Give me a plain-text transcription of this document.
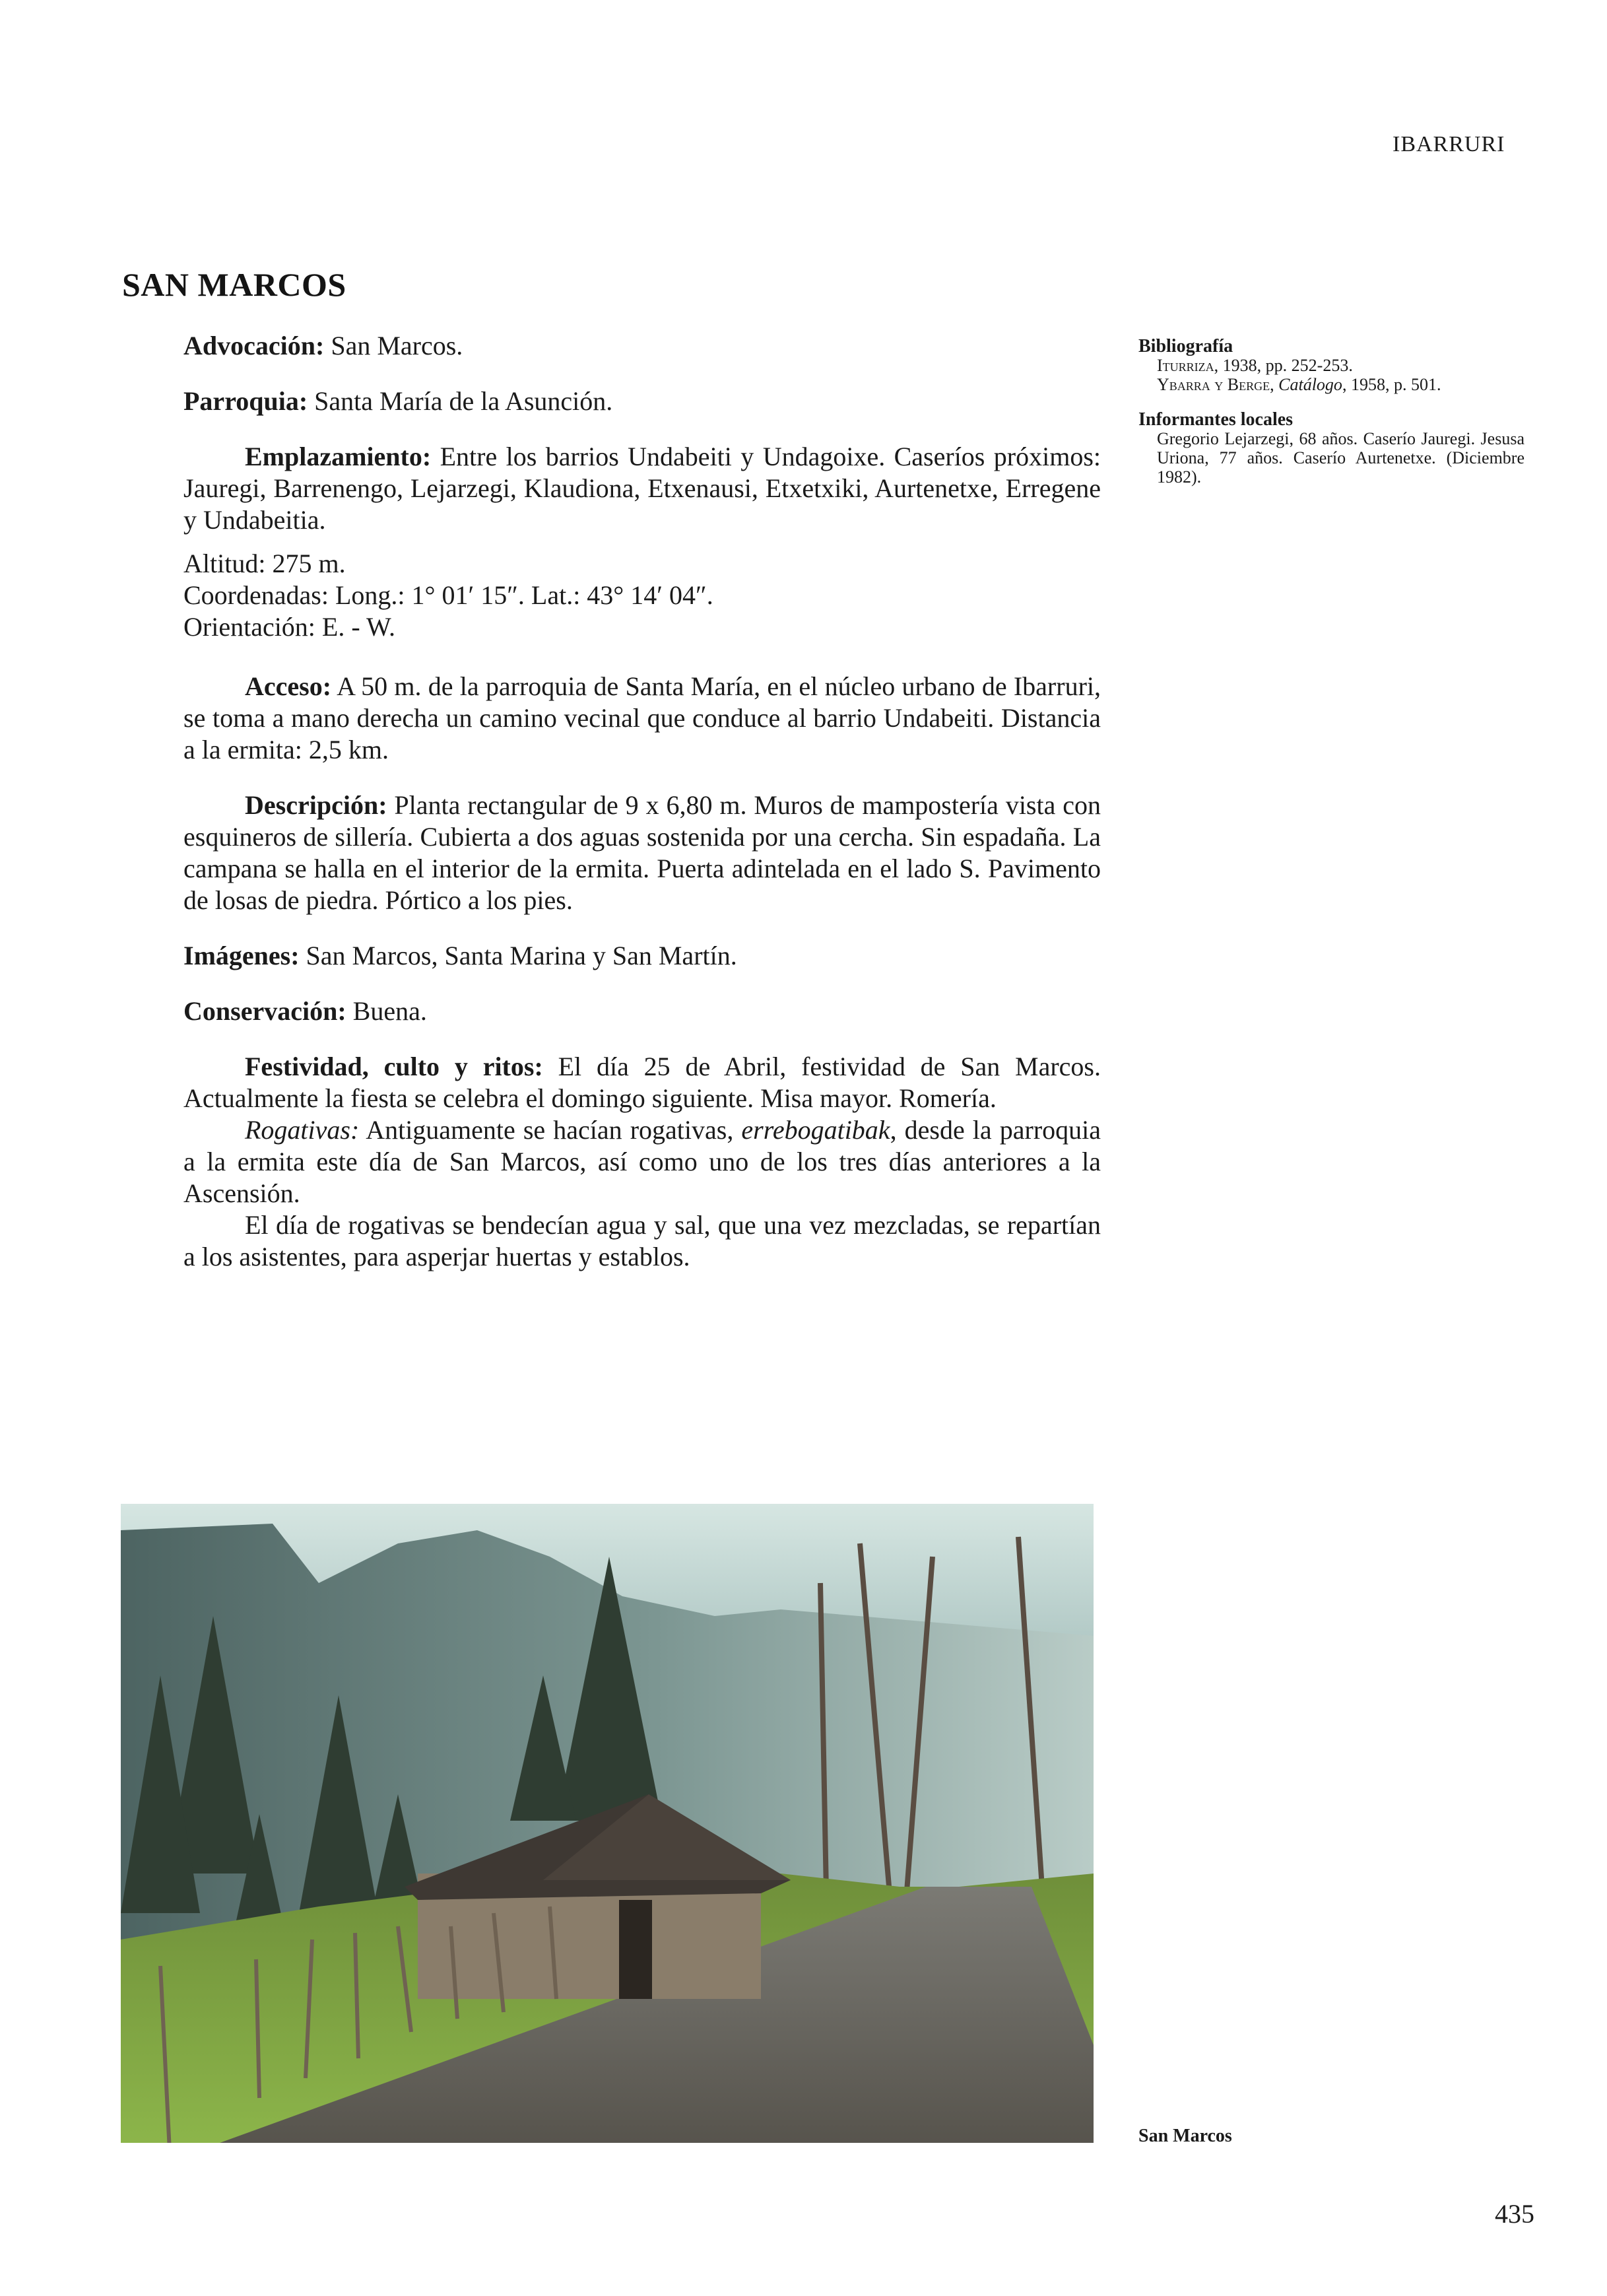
IBARRURI
SAN MARCOS

Advocación: San Marcos.

Parroquia: Santa María de la Asunción.

Emplazamiento: Entre los barrios Undabeiti y Undagoixe. Caseríos próximos: Jauregi, Barrenengo, Lejarzegi, Klaudiona, Etxenausi, Etxetxiki, Aurtenetxe, Erregene y Undabeitia.

Altitud: 275 m.

Coordenadas: Long.: 1° 01′ 15″. Lat.: 43° 14′ 04″.

Orientación: E. - W.

Acceso: A 50 m. de la parroquia de Santa María, en el núcleo urbano de Ibarruri, se toma a mano derecha un camino vecinal que conduce al barrio Undabeiti. Distancia a la ermita: 2,5 km.

Descripción: Planta rectangular de 9 x 6,80 m. Muros de mampostería vista con esquineros de sillería. Cubierta a dos aguas sostenida por una cercha. Sin espadaña. La campana se halla en el interior de la ermita. Puerta adintelada en el lado S. Pavimento de losas de piedra. Pórtico a los pies.

Imágenes: San Marcos, Santa Marina y San Martín.

Conservación: Buena.

Festividad, culto y ritos: El día 25 de Abril, festividad de San Marcos. Actualmente la fiesta se celebra el domingo siguiente. Misa mayor. Romería.

Rogativas: Antiguamente se hacían rogativas, errebogatibak, desde la parroquia a la ermita este día de San Marcos, así como uno de los tres días anteriores a la Ascensión.

El día de rogativas se bendecían agua y sal, que una vez mezcladas, se repartían a los asistentes, para asperjar huertas y establos.

Bibliografía

Iturriza, 1938, pp. 252-253.

Ybarra y Berge, Catálogo, 1958, p. 501.

Informantes locales

Gregorio Lejarzegi, 68 años. Caserío Jauregi. Jesusa Uriona, 77 años. Caserío Aurtenetxe. (Diciembre 1982).

San Marcos
435
